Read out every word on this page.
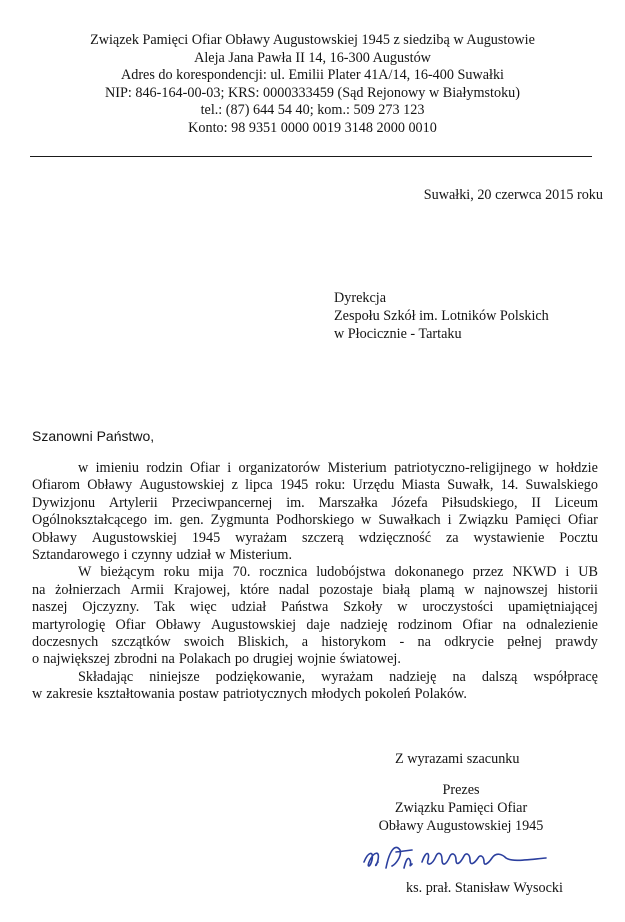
Związek Pamięci Ofiar Obławy Augustowskiej 1945 z siedzibą w Augustowie
Aleja Jana Pawła II 14, 16-300 Augustów
Adres do korespondencji: ul. Emilii Plater 41A/14, 16-400 Suwałki
NIP: 846-164-00-03; KRS: 0000333459 (Sąd Rejonowy w Białymstoku)
tel.: (87) 644 54 40; kom.: 509 273 123
Konto: 98 9351 0000 0019 3148 2000 0010
Suwałki, 20 czerwca 2015 roku
Dyrekcja
Zespołu Szkół im. Lotników Polskich
w Płocicznie - Tartaku
Szanowni Państwo,
w imieniu rodzin Ofiar i organizatorów Misterium patriotyczno-religijnego w hołdzie
Ofiarom Obławy Augustowskiej z lipca 1945 roku: Urzędu Miasta Suwałk, 14. Suwalskiego
Dywizjonu Artylerii Przeciwpancernej im. Marszałka Józefa Piłsudskiego, II Liceum
Ogólnokształcącego im. gen. Zygmunta Podhorskiego w Suwałkach i Związku Pamięci Ofiar
Obławy Augustowskiej 1945 wyrażam szczerą wdzięczność za wystawienie Pocztu
Sztandarowego i czynny udział w Misterium.
W bieżącym roku mija 70. rocznica ludobójstwa dokonanego przez NKWD i UB
na żołnierzach Armii Krajowej, które nadal pozostaje białą plamą w najnowszej historii
naszej Ojczyzny. Tak więc udział Państwa Szkoły w uroczystości upamiętniającej
martyrologię Ofiar Obławy Augustowskiej daje nadzieję rodzinom Ofiar na odnalezienie
doczesnych szczątków swoich Bliskich, a historykom - na odkrycie pełnej prawdy
o największej zbrodni na Polakach po drugiej wojnie światowej.
Składając niniejsze podziękowanie, wyrażam nadzieję na dalszą współpracę
w zakresie kształtowania postaw patriotycznych młodych pokoleń Polaków.
Z wyrazami szacunku
Prezes
Związku Pamięci Ofiar
Obławy Augustowskiej 1945
ks. prał. Stanisław Wysocki
